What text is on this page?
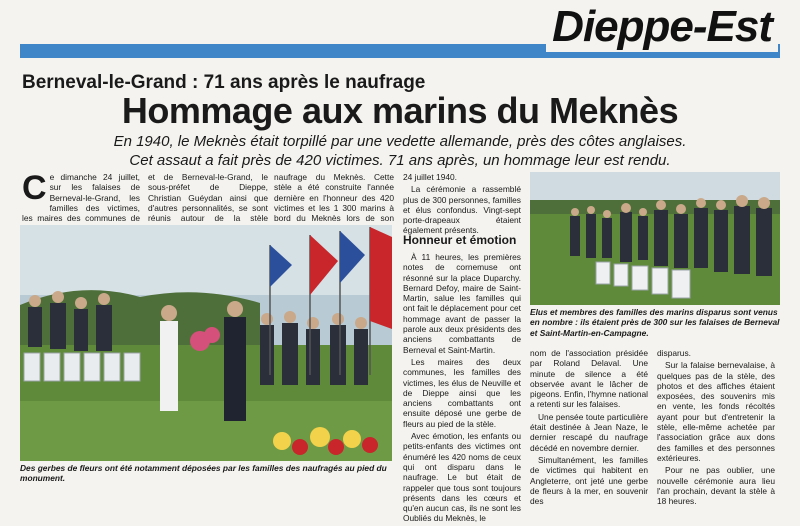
Dieppe-Est
Berneval-le-Grand : 71 ans après le naufrage
Hommage aux marins du Meknès
En 1940, le Meknès était torpillé par une vedette allemande, près des côtes anglaises.
Cet assaut a fait près de 420 victimes. 71 ans après, un hommage leur est rendu.
C e dimanche 24 juillet, sur les falaises de Berneval-le-Grand, les familles des victimes, les maires des communes de
et de Berneval-le-Grand, le sous-préfet de Dieppe, Christian Guéydan ainsi que d'autres personnalités, se sont réunis autour de la stèle
naufrage du Meknès. Cette stèle a été construite l'année dernière en l'honneur des 420 victimes et les 1 300 marins à bord du Meknès lors de son

24 juillet 1940.

La cérémonie a rassemblé plus de 300 personnes, familles et élus confondus. Vingt-sept porte-drapeaux étaient également présents.

Des gerbes de fleurs ont été notamment déposées par les familles des naufragés au pied du monument.
Honneur et émotion

À 11 heures, les premières notes de cornemuse ont résonné sur la place Duparchy. Bernard Defoy, maire de Saint-Martin, salue les familles qui ont fait le déplacement pour cet hommage avant de passer la parole aux deux présidents des anciens combattants de Berneval et Saint-Martin.

Les maires des deux communes, les familles des victimes, les élus de Neuville et de Dieppe ainsi que les anciens combattants ont ensuite déposé une gerbe de fleurs au pied de la stèle.

Avec émotion, les enfants ou petits-enfants des victimes ont énuméré les 420 noms de ceux qui ont disparu dans le naufrage. Le but était de rappeler que tous sont toujours présents dans les cœurs et qu'en aucun cas, ils ne sont les Oubliés du Meknès, le

Elus et membres des familles des marins disparus sont venus en nombre : ils étaient près de 300 sur les falaises de Berneval et Saint-Martin-en-Campagne.

nom de l'association présidée par Roland Delaval. Une minute de silence a été observée avant le lâcher de pigeons. Enfin, l'hymne national a retenti sur les falaises.

Une pensée toute particulière était destinée à Jean Naze, le dernier rescapé du naufrage décédé en novembre dernier.

Simultanément, les familles de victimes qui habitent en Angleterre, ont jeté une gerbe de fleurs à la mer, en souvenir des

disparus.

Sur la falaise bernevalaise, à quelques pas de la stèle, des photos et des affiches étaient exposées, des souvenirs mis en vente, les fonds récoltés ayant pour but d'entretenir la stèle, elle-même achetée par l'association grâce aux dons des familles et des personnes extérieures.

Pour ne pas oublier, une nouvelle cérémonie aura lieu l'an prochain, devant la stèle à 18 heures.
